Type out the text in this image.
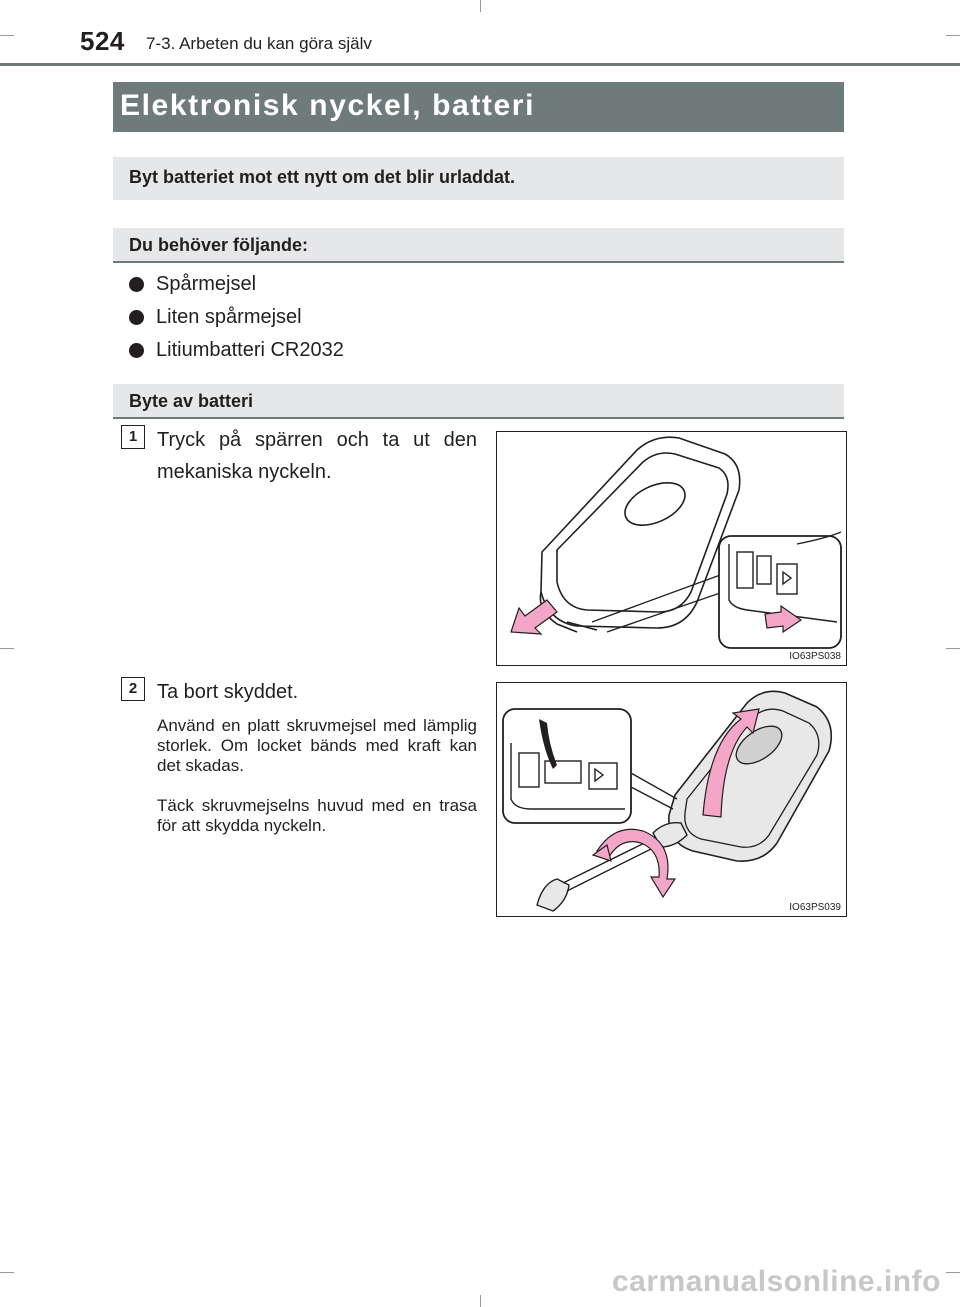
524 7-3. Arbeten du kan göra själv
Elektronisk nyckel, batteri
Byt batteriet mot ett nytt om det blir urladdat.
Du behöver följande:
Spårmejsel
Liten spårmejsel
Litiumbatteri CR2032
Byte av batteri
1 Tryck på spärren och ta ut den mekaniska nyckeln.
IO63PS038
2 Ta bort skyddet.
Använd en platt skruvmejsel med lämplig storlek. Om locket bänds med kraft kan det skadas.
Täck skruvmejselns huvud med en trasa för att skydda nyckeln.
IO63PS039
carmanualsonline.info
